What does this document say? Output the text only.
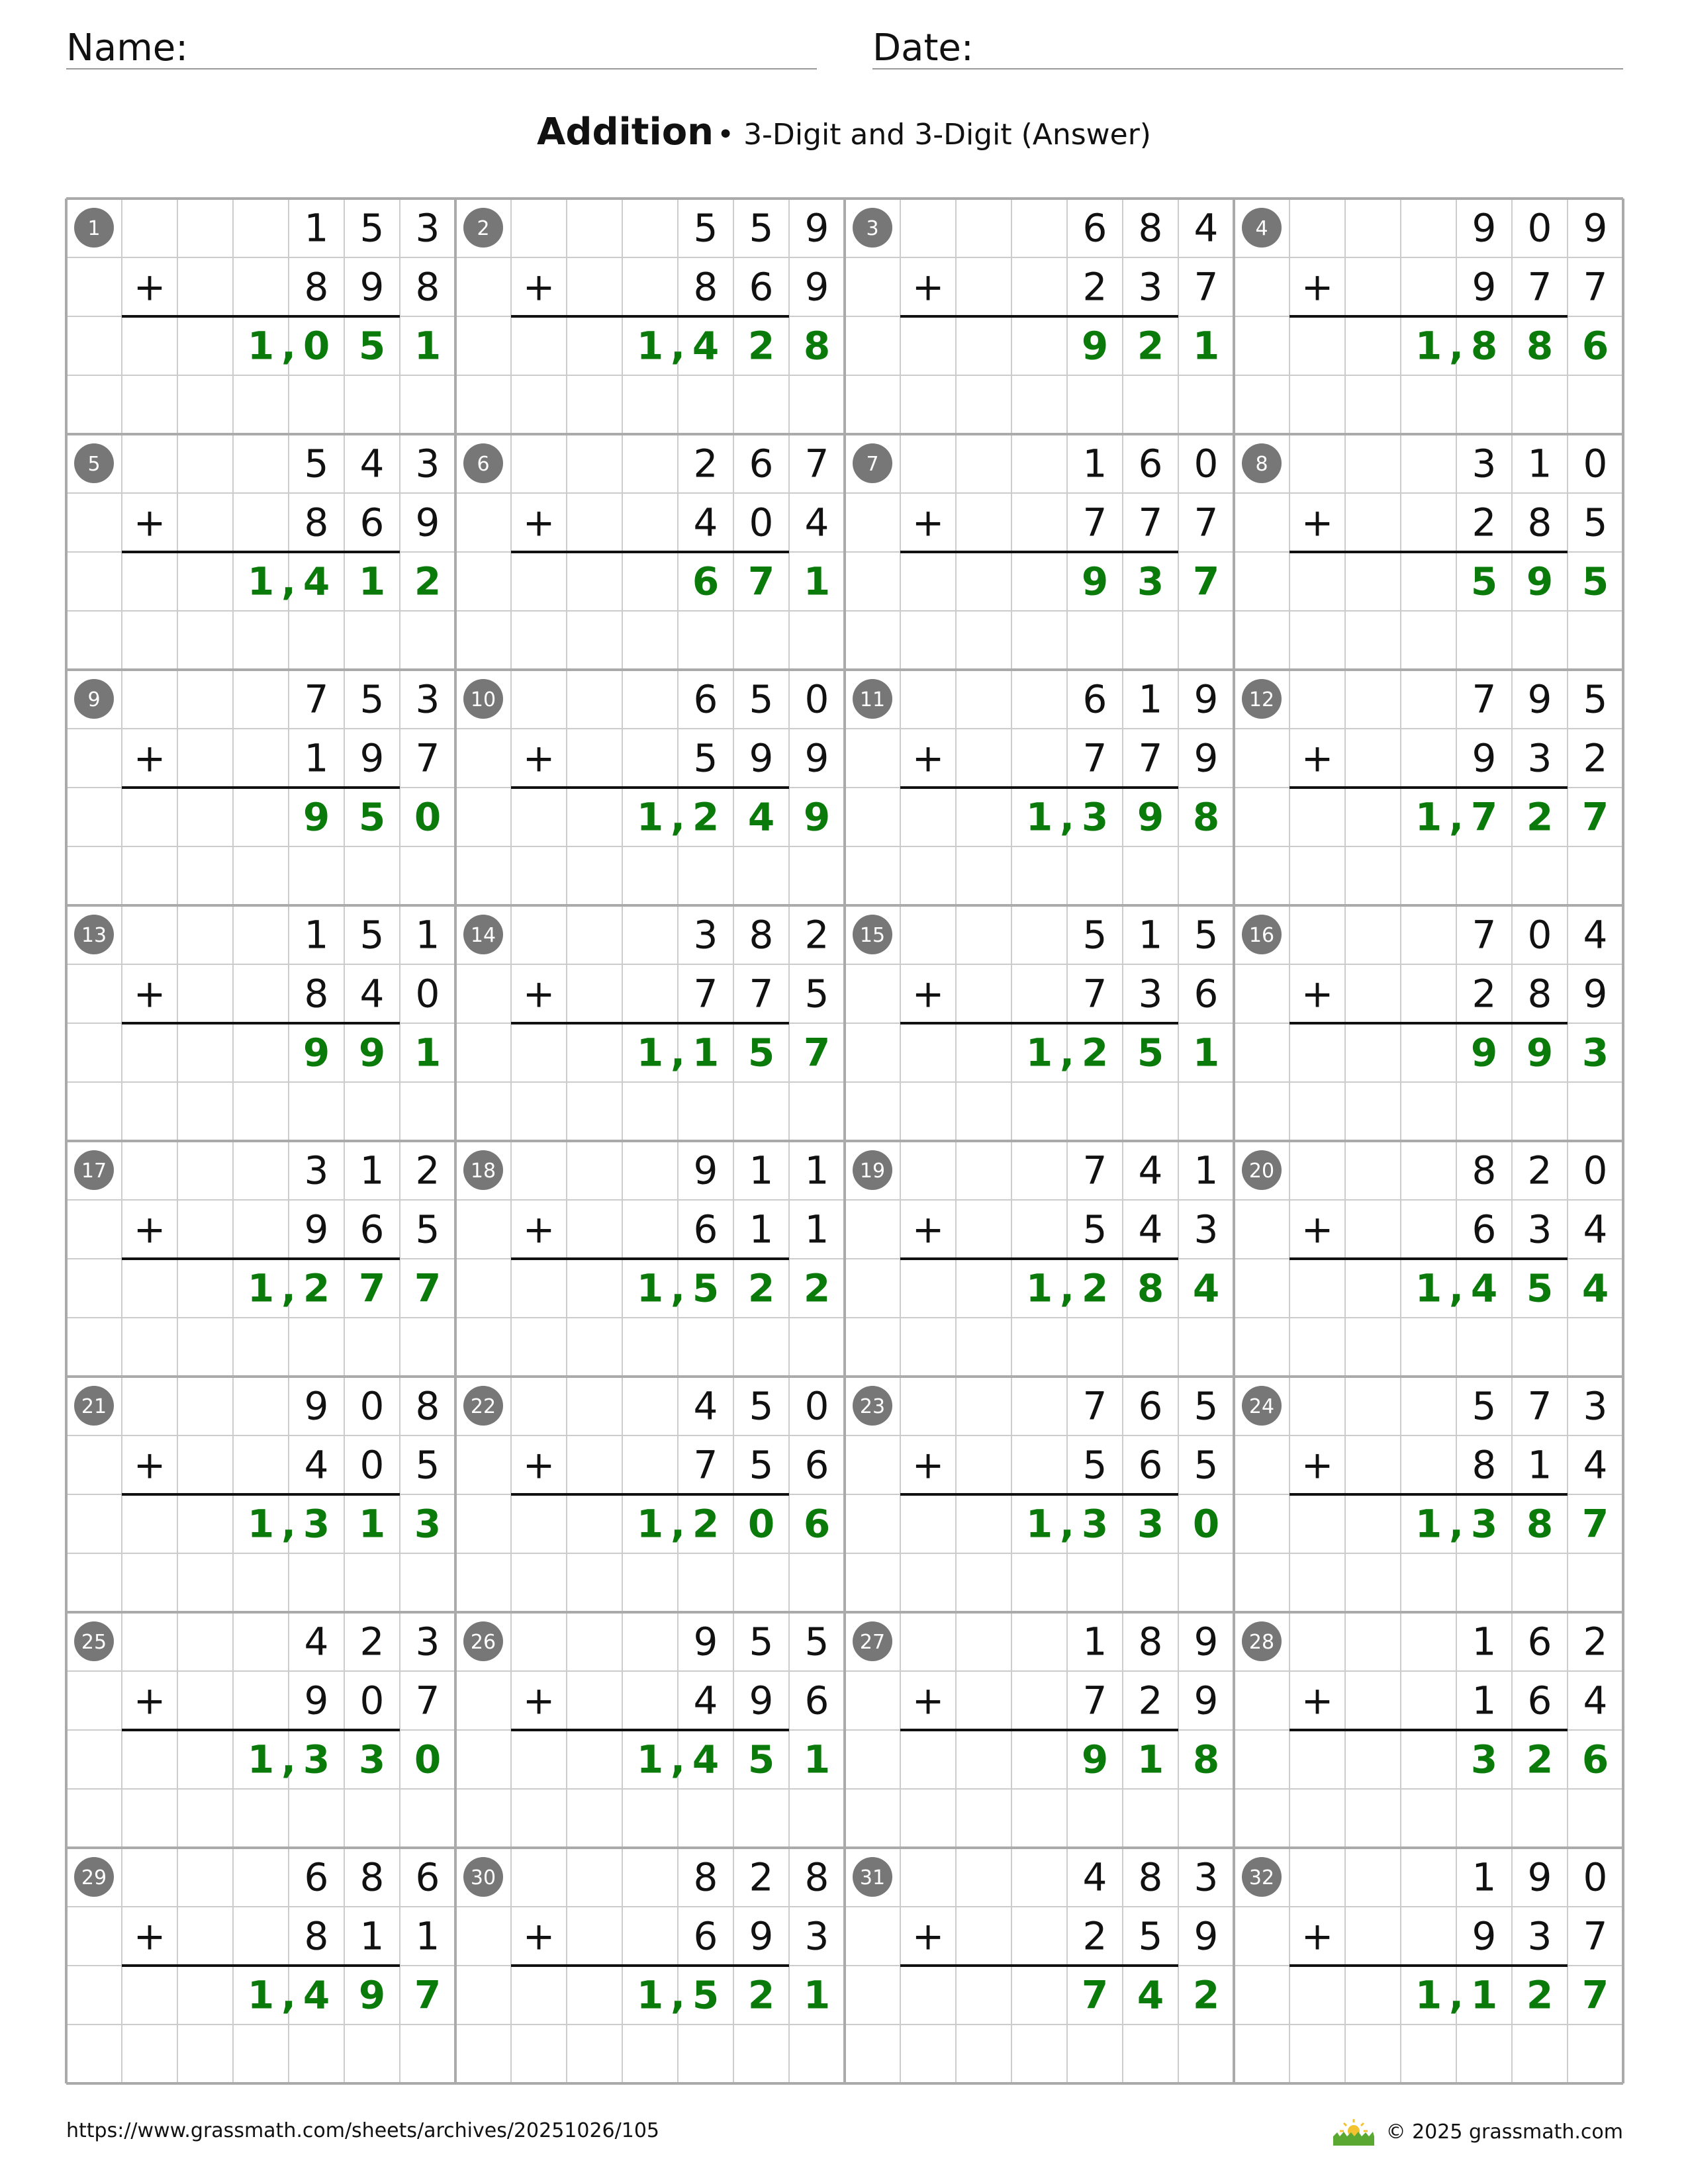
Name:	Date:
Addition • 3-Digit and 3-Digit (Answer)
1	1 5 3
+	8 9 8
1 0 5 1
,
2	5 5 9
+	8 6 9
1 4 2 8
,
3	6 8 4
+	2 3 7
9 2 1
4	9 0 9
+	9 7 7
1 8 8 6
,
5	5 4 3
+	8 6 9
1 4 1 2
,
6	2 6 7
+	4 0 4
6 7 1
7	1 6 0
+	7 7 7
9 3 7
8	3 1 0
+	2 8 5
5 9 5
9	7 5 3
+	1 9 7
9 5 0
10	6 5 0
+	5 9 9
1 2 4 9
,
11	6 1 9
+	7 7 9
1 3 9 8
,
12	7 9 5
+	9 3 2
1 7 2 7
,
13	1 5 1
+	8 4 0
9 9 1
14	3 8 2
+	7 7 5
1 1 5 7
,
15	5 1 5
+	7 3 6
1 2 5 1
,
16	7 0 4
+	2 8 9
9 9 3
17	3 1 2
+	9 6 5
1 2 7 7
,
18	9 1 1
+	6 1 1
1 5 2 2
,
19	7 4 1
+	5 4 3
1 2 8 4
,
20	8 2 0
+	6 3 4
1 4 5 4
,
21	9 0 8
+	4 0 5
1 3 1 3
,
22	4 5 0
+	7 5 6
1 2 0 6
,
23	7 6 5
+	5 6 5
1 3 3 0
,
24	5 7 3
+	8 1 4
1 3 8 7
,
25	4 2 3
+	9 0 7
1 3 3 0
,
26	9 5 5
+	4 9 6
1 4 5 1
,
27	1 8 9
+	7 2 9
9 1 8
28	1 6 2
+	1 6 4
3 2 6
29	6 8 6
+	8 1 1
1 4 9 7
,
30	8 2 8
+	6 9 3
1 5 2 1
,
31	4 8 3
+	2 5 9
7 4 2
32	1 9 0
+	9 3 7
1 1 2 7
,
https://www.grassmath.com/sheets/archives/20251026/105	© 2025 grassmath.com
